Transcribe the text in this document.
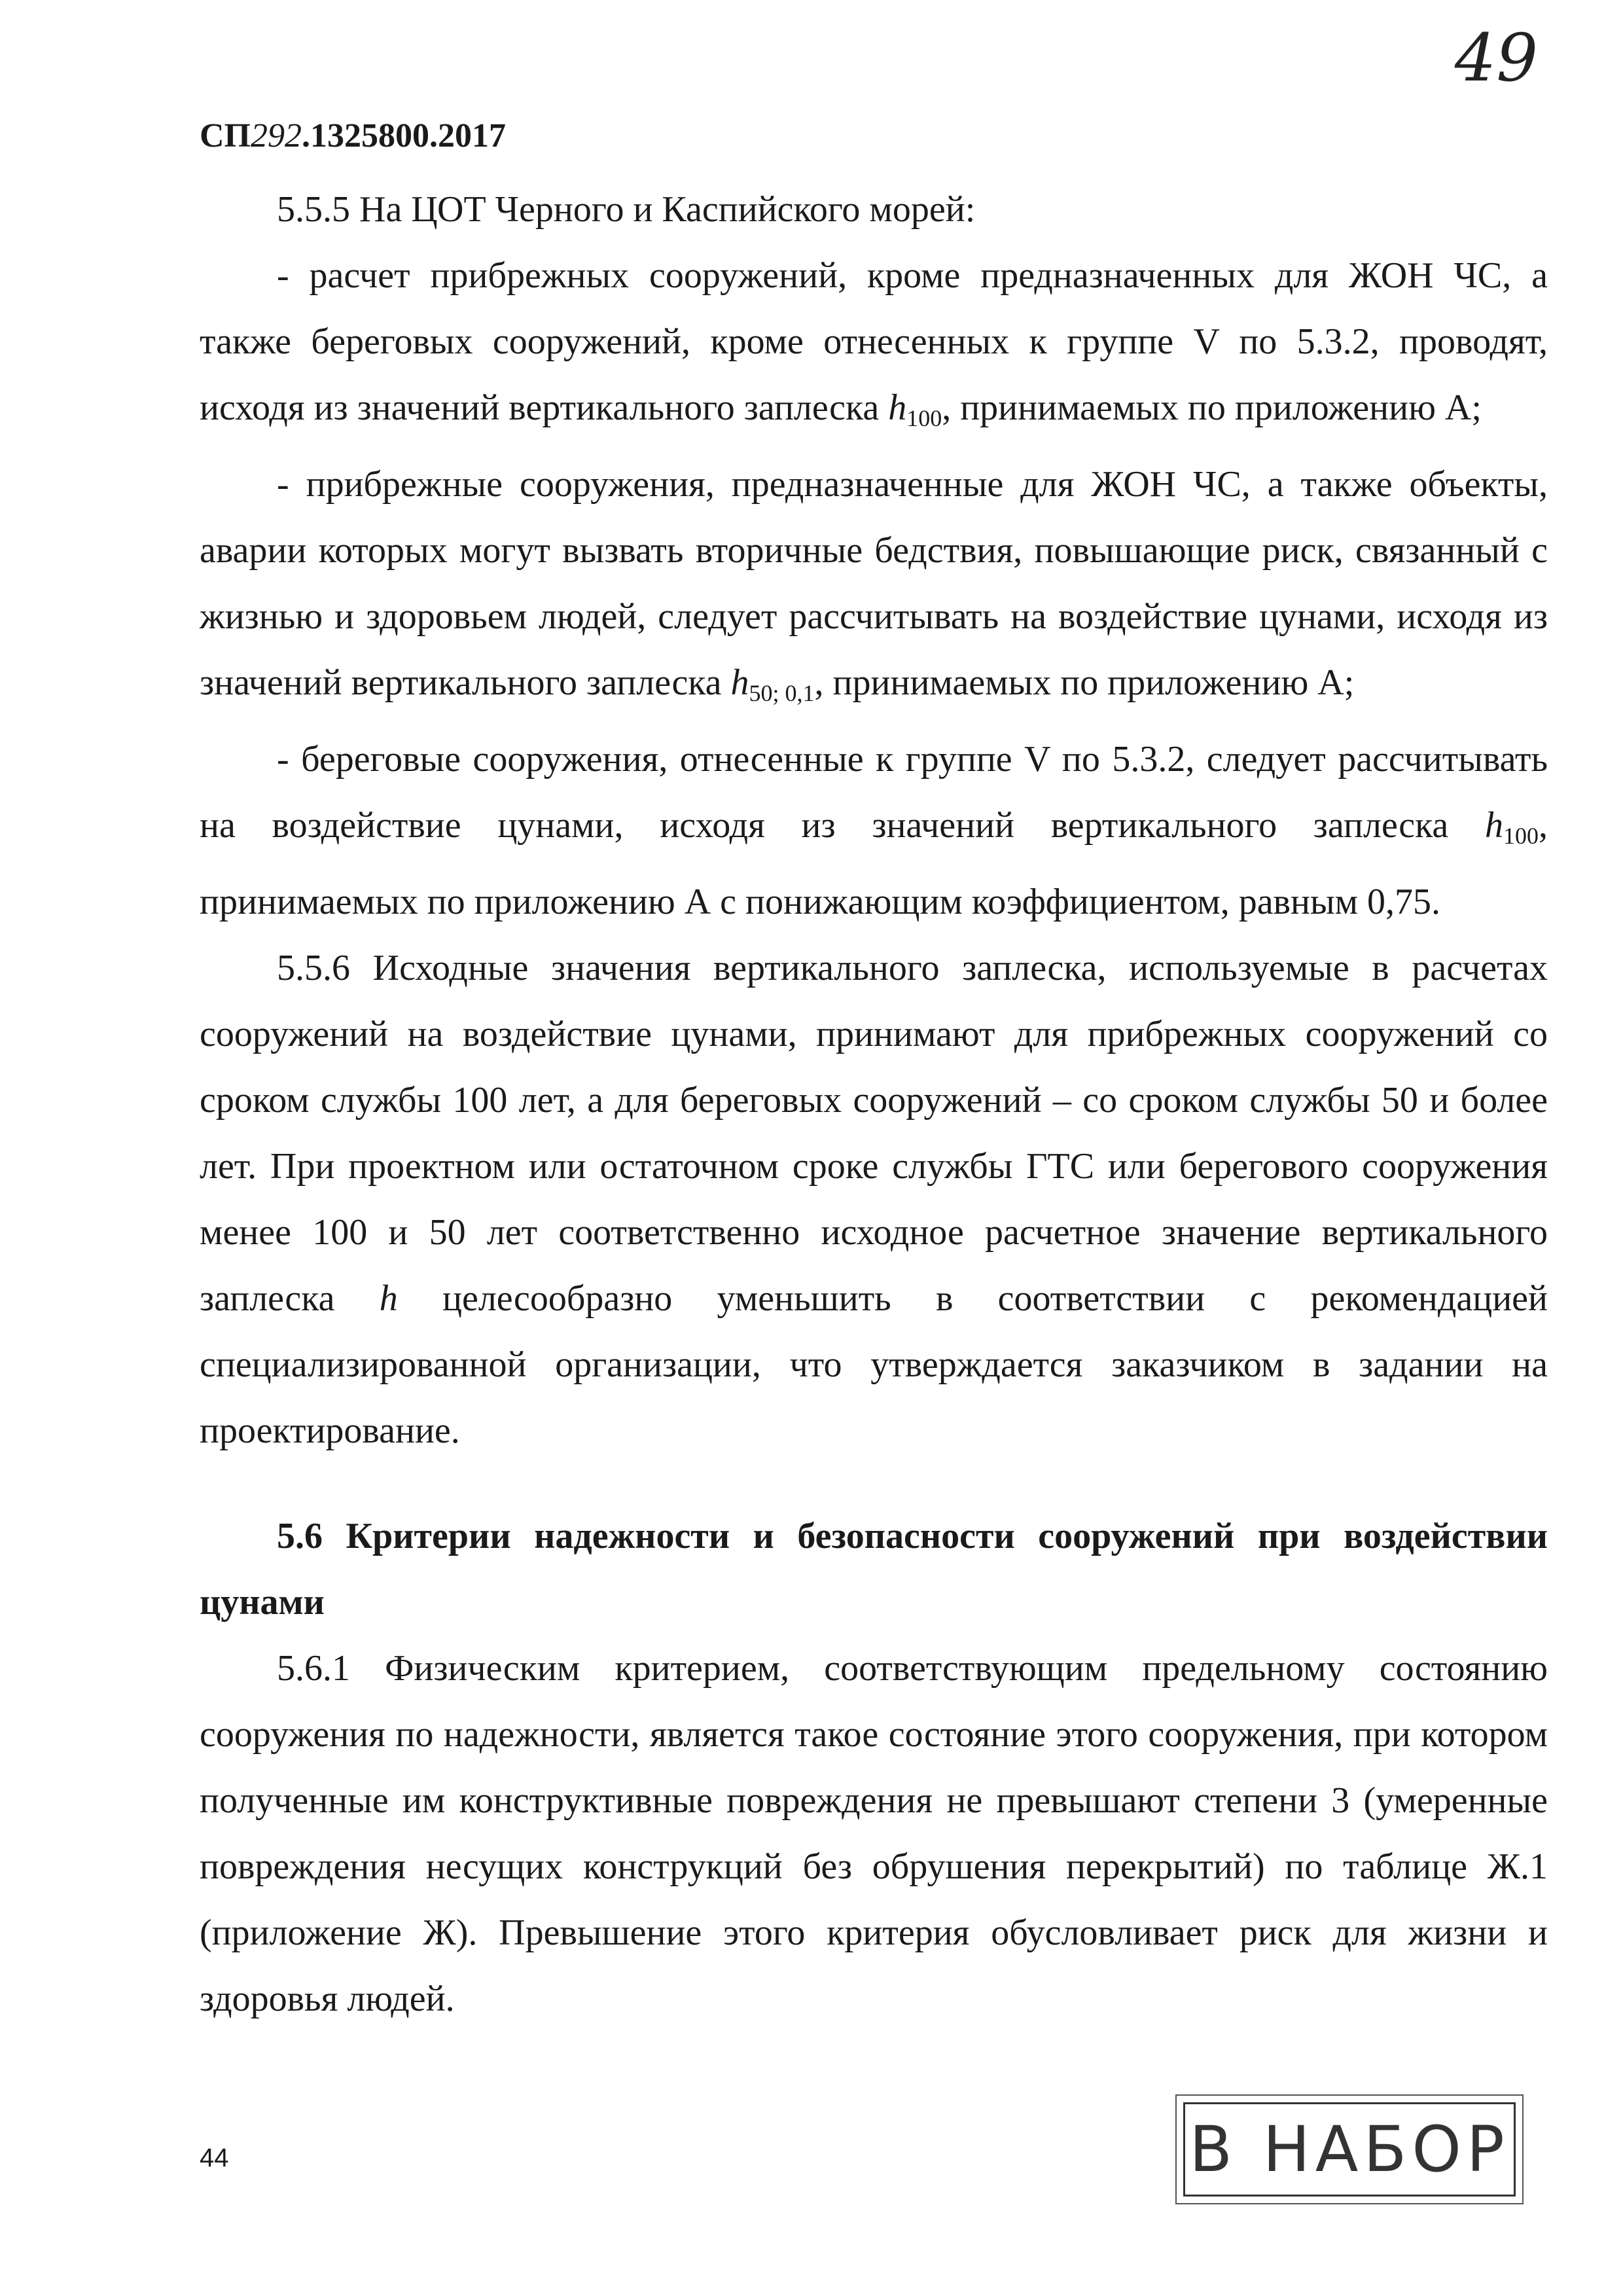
49
СП292.1325800.2017

5.5.5 На ЦОТ Черного и Каспийского морей:

- расчет прибрежных сооружений, кроме предназначенных для ЖОН ЧС, а также береговых сооружений, кроме отнесенных к группе V по 5.3.2, проводят, исходя из значений вертикального заплеска $h_{100}$, принимаемых по приложению А;

- прибрежные сооружения, предназначенные для ЖОН ЧС, а также объекты, аварии которых могут вызвать вторичные бедствия, повышающие риск, связанный с жизнью и здоровьем людей, следует рассчитывать на воздействие цунами, исходя из значений вертикального заплеска $h_{50; 0,1}$, принимаемых по приложению А;

- береговые сооружения, отнесенные к группе V по 5.3.2, следует рассчитывать на воздействие цунами, исходя из значений вертикального заплеска $h_{100}$, принимаемых по приложению А с понижающим коэффициентом, равным 0,75.

5.5.6 Исходные значения вертикального заплеска, используемые в расчетах сооружений на воздействие цунами, принимают для прибрежных сооружений со сроком службы 100 лет, а для береговых сооружений – со сроком службы 50 и более лет. При проектном или остаточном сроке службы ГТС или берегового сооружения менее 100 и 50 лет соответственно исходное расчетное значение вертикального заплеска h целесообразно уменьшить в соответствии с рекомендацией специализированной организации, что утверждается заказчиком в задании на проектирование.

5.6 Критерии надежности и безопасности сооружений при воздействии цунами

5.6.1 Физическим критерием, соответствующим предельному состоянию сооружения по надежности, является такое состояние этого сооружения, при котором полученные им конструктивные повреждения не превышают степени 3 (умеренные повреждения несущих конструкций без обрушения перекрытий) по таблице Ж.1 (приложение Ж). Превышение этого критерия обусловливает риск для жизни и здоровья людей.

44	В НАБОР
